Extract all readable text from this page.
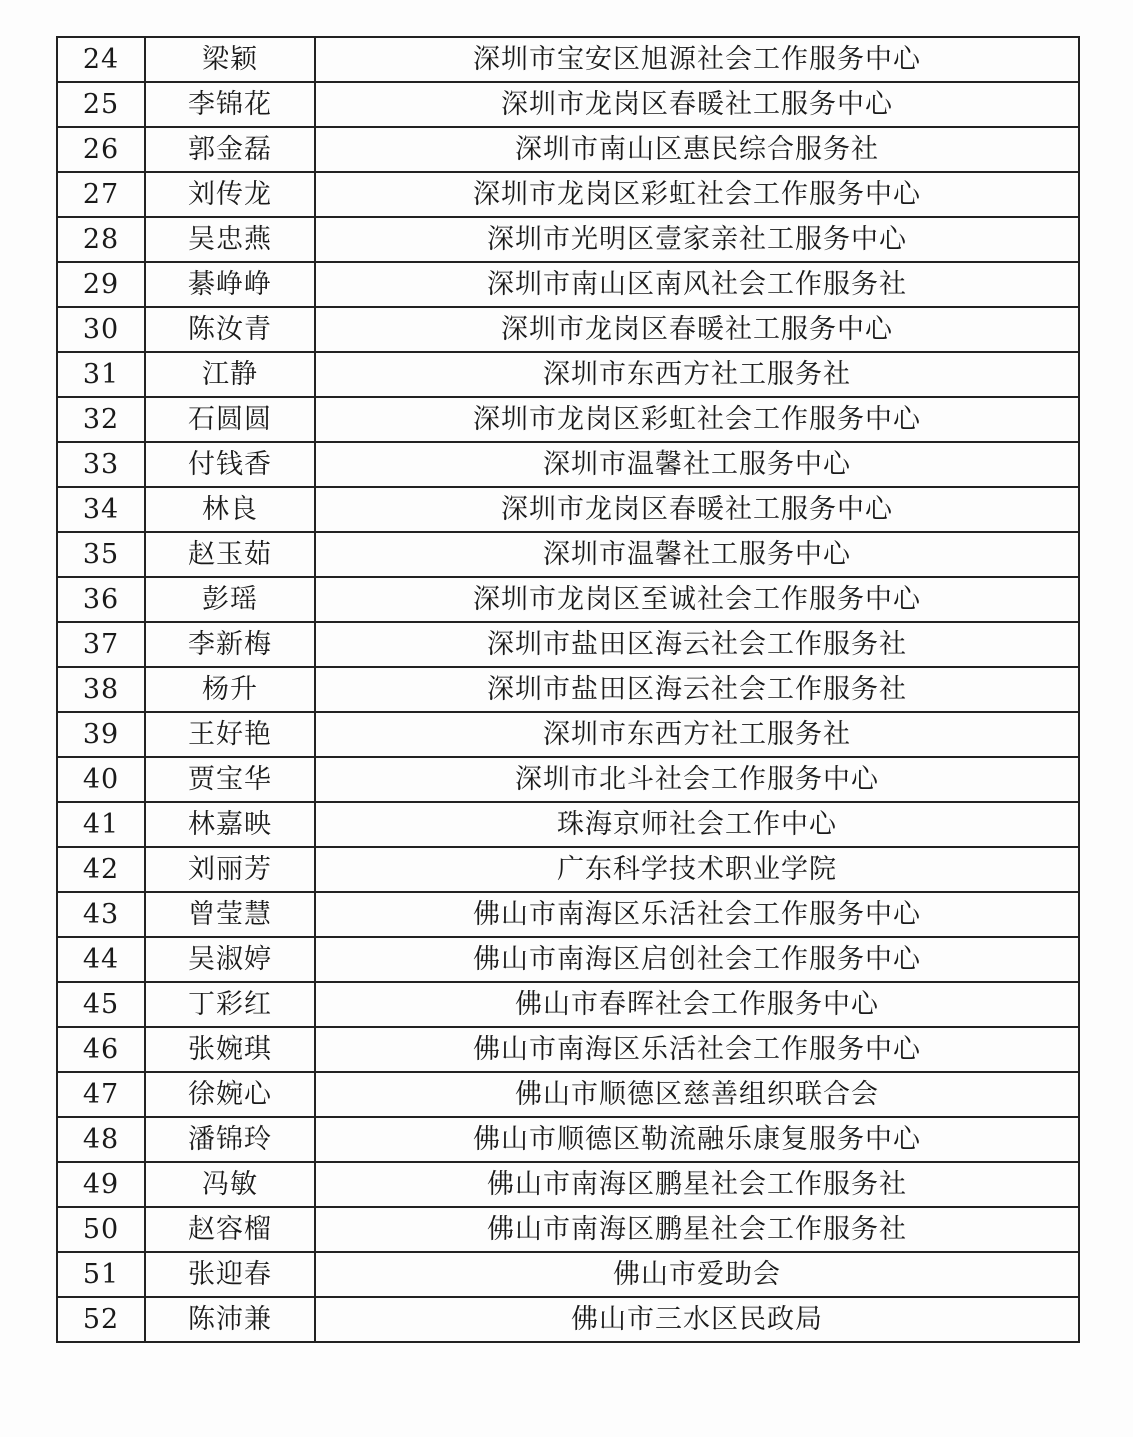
24	梁颖	深圳市宝安区旭源社会工作服务中心
25	李锦花	深圳市龙岗区春暖社工服务中心
26	郭金磊	深圳市南山区惠民综合服务社
27	刘传龙	深圳市龙岗区彩虹社会工作服务中心
28	吴忠燕	深圳市光明区壹家亲社工服务中心
29	綦峥峥	深圳市南山区南风社会工作服务社
30	陈汝青	深圳市龙岗区春暖社工服务中心
31	江静	深圳市东西方社工服务社
32	石圆圆	深圳市龙岗区彩虹社会工作服务中心
33	付钱香	深圳市温馨社工服务中心
34	林良	深圳市龙岗区春暖社工服务中心
35	赵玉茹	深圳市温馨社工服务中心
36	彭瑶	深圳市龙岗区至诚社会工作服务中心
37	李新梅	深圳市盐田区海云社会工作服务社
38	杨升	深圳市盐田区海云社会工作服务社
39	王好艳	深圳市东西方社工服务社
40	贾宝华	深圳市北斗社会工作服务中心
41	林嘉映	珠海京师社会工作中心
42	刘丽芳	广东科学技术职业学院
43	曾莹慧	佛山市南海区乐活社会工作服务中心
44	吴淑婷	佛山市南海区启创社会工作服务中心
45	丁彩红	佛山市春晖社会工作服务中心
46	张婉琪	佛山市南海区乐活社会工作服务中心
47	徐婉心	佛山市顺德区慈善组织联合会
48	潘锦玲	佛山市顺德区勒流融乐康复服务中心
49	冯敏	佛山市南海区鹏星社会工作服务社
50	赵容榴	佛山市南海区鹏星社会工作服务社
51	张迎春	佛山市爱助会
52	陈沛兼	佛山市三水区民政局
